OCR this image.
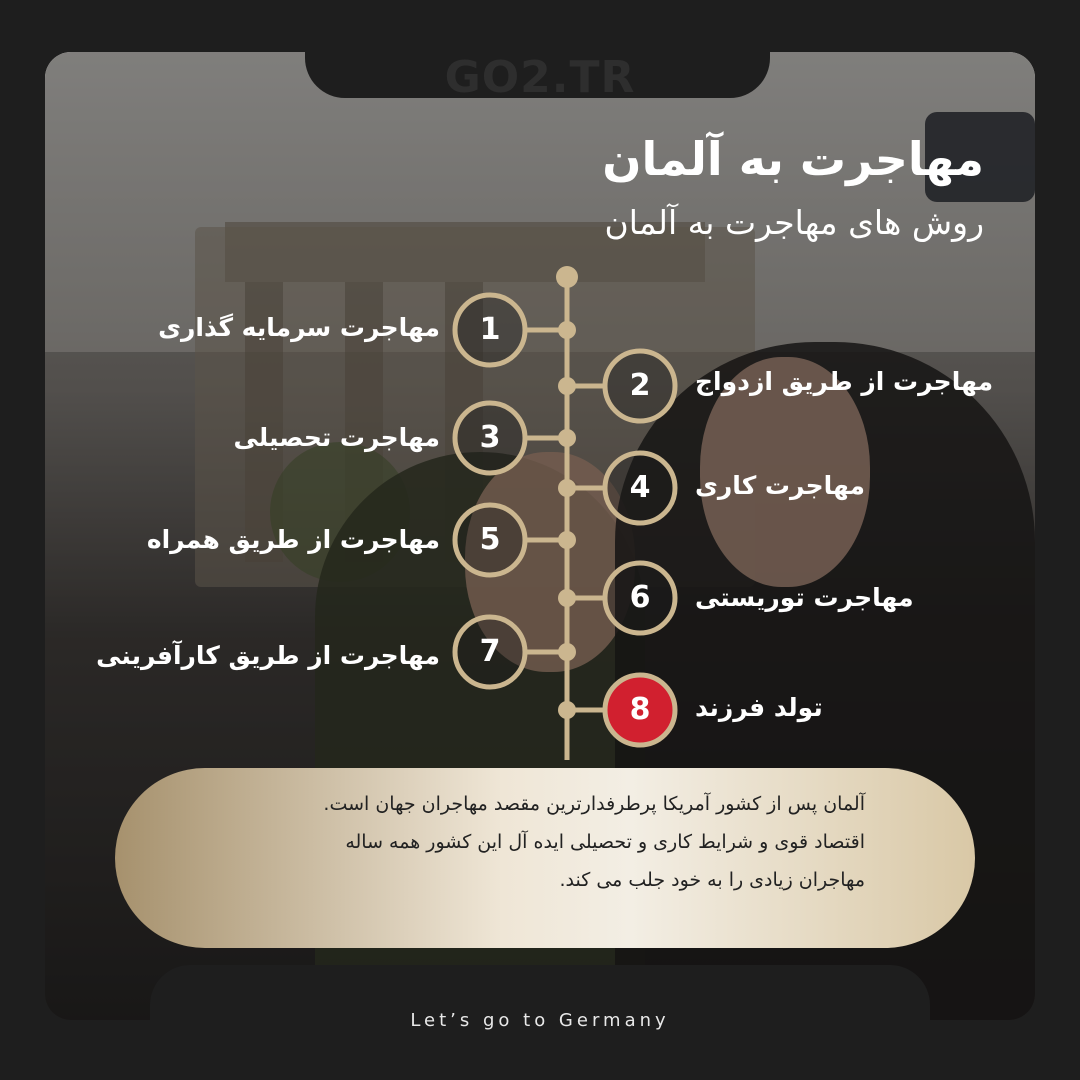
GO2.TR
مهاجرت به آلمان
روش های مهاجرت به آلمان
1
2
3
4
5
6
7
8
مهاجرت سرمایه گذاری
مهاجرت از طریق ازدواج
مهاجرت تحصیلی
مهاجرت کاری
مهاجرت از طریق همراه
مهاجرت توریستی
مهاجرت از طریق کارآفرینی
تولد فرزند
آلمان پس از کشور آمریکا پرطرفدارترین مقصد مهاجران جهان است.
اقتصاد قوی و شرایط کاری و تحصیلی ایده آل این کشور همه ساله
مهاجران زیادی را به خود جلب می کند.
Let’s go to Germany
